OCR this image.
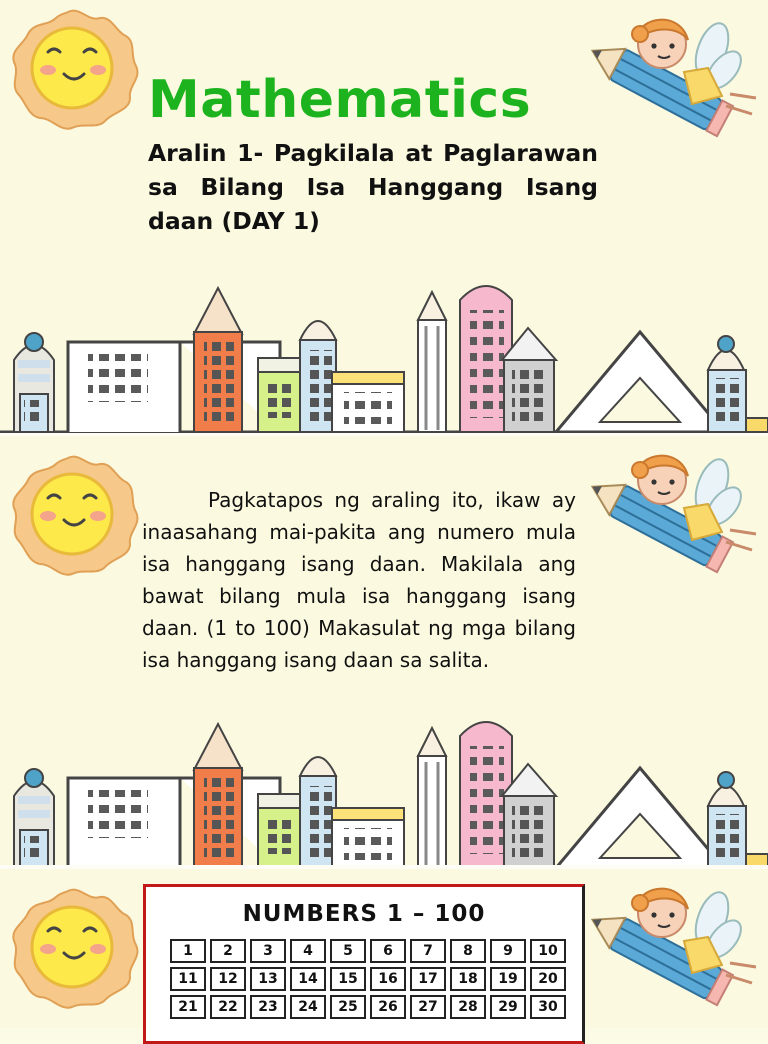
Mathematics

Aralin 1- Pagkilala at Paglarawan sa Bilang Isa Hanggang Isang daan (DAY 1)

Pagkatapos ng araling ito, ikaw ay inaasahang mai-pakita ang numero mula isa hanggang isang daan. Makilala ang bawat bilang mula isa hanggang isang daan. (1 to 100) Makasulat ng mga bilang isa hanggang isang daan sa salita.

NUMBERS 1 – 100
1	2	3	4	5	6	7	8	9	10
11	12	13	14	15	16	17	18	19	20
21	22	23	24	25	26	27	28	29	30
